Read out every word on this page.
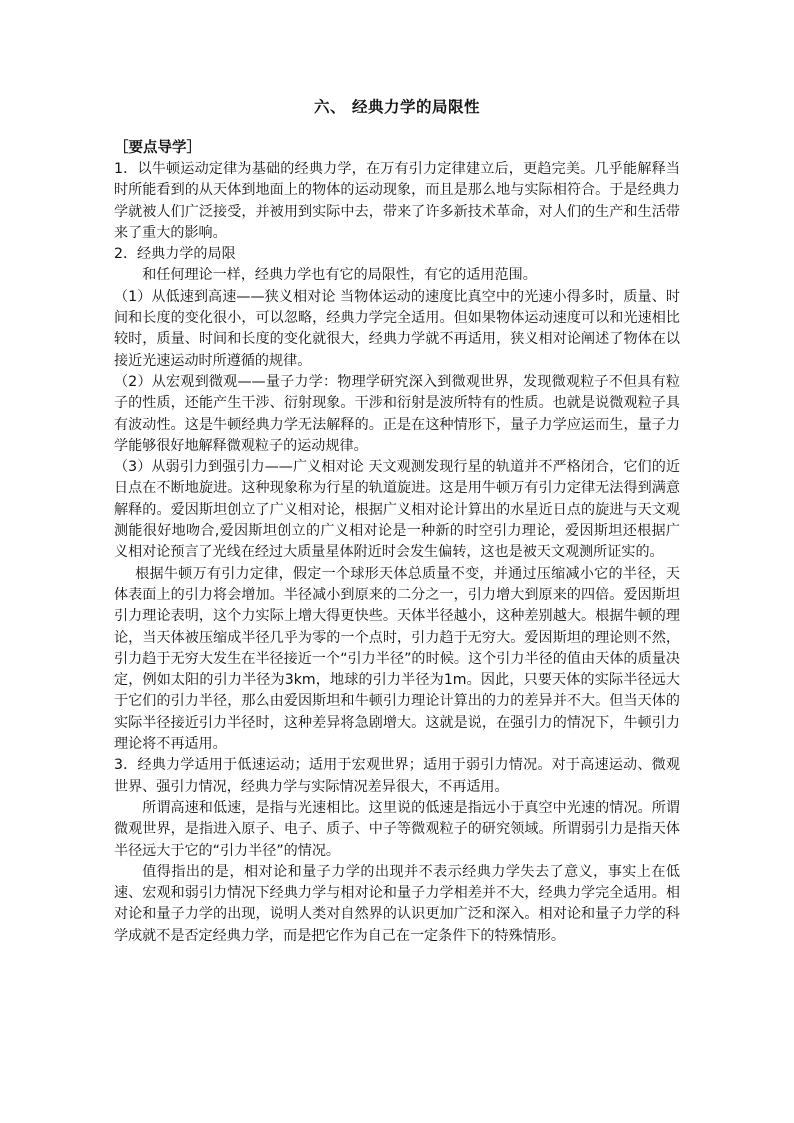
六、 经典力学的局限性
［要点导学］

1．以牛顿运动定律为基础的经典力学，在万有引力定律建立后，更趋完美。几乎能解释当时所能看到的从天体到地面上的物体的运动现象，而且是那么地与实际相符合。于是经典力学就被人们广泛接受，并被用到实际中去，带来了许多新技术革命，对人们的生产和生活带来了重大的影响。

2．经典力学的局限

和任何理论一样，经典力学也有它的局限性，有它的适用范围。

（1）从低速到高速——狭义相对论 当物体运动的速度比真空中的光速小得多时，质量、时间和长度的变化很小，可以忽略，经典力学完全适用。但如果物体运动速度可以和光速相比较时，质量、时间和长度的变化就很大，经典力学就不再适用，狭义相对论阐述了物体在以接近光速运动时所遵循的规律。

（2）从宏观到微观——量子力学：物理学研究深入到微观世界，发现微观粒子不但具有粒子的性质，还能产生干涉、衍射现象。干涉和衍射是波所特有的性质。也就是说微观粒子具有波动性。这是牛顿经典力学无法解释的。正是在这种情形下，量子力学应运而生，量子力学能够很好地解释微观粒子的运动规律。

（3）从弱引力到强引力——广义相对论 天文观测发现行星的轨道并不严格闭合，它们的近日点在不断地旋进。这种现象称为行星的轨道旋进。这是用牛顿万有引力定律无法得到满意解释的。爱因斯坦创立了广义相对论，根据广义相对论计算出的水星近日点的旋进与天文观测能很好地吻合,爱因斯坦创立的广义相对论是一种新的时空引力理论，爱因斯坦还根据广义相对论预言了光线在经过大质量星体附近时会发生偏转，这也是被天文观测所证实的。

根据牛顿万有引力定律，假定一个球形天体总质量不变，并通过压缩减小它的半径，天体表面上的引力将会增加。半径减小到原来的二分之一，引力增大到原来的四倍。爱因斯坦引力理论表明，这个力实际上增大得更快些。天体半径越小，这种差别越大。根据牛顿的理论，当天体被压缩成半径几乎为零的一个点时，引力趋于无穷大。爱因斯坦的理论则不然，引力趋于无穷大发生在半径接近一个“引力半径”的时候。这个引力半径的值由天体的质量决定，例如太阳的引力半径为3km，地球的引力半径为1m。因此，只要天体的实际半径远大于它们的引力半径，那么由爱因斯坦和牛顿引力理论计算出的力的差异并不大。但当天体的实际半径接近引力半径时，这种差异将急剧增大。这就是说，在强引力的情况下，牛顿引力理论将不再适用。

3．经典力学适用于低速运动；适用于宏观世界；适用于弱引力情况。对于高速运动、微观世界、强引力情况，经典力学与实际情况差异很大，不再适用。

所谓高速和低速，是指与光速相比。这里说的低速是指远小于真空中光速的情况。所谓微观世界，是指进入原子、电子、质子、中子等微观粒子的研究领域。所谓弱引力是指天体半径远大于它的“引力半径”的情况。

值得指出的是，相对论和量子力学的出现并不表示经典力学失去了意义，事实上在低速、宏观和弱引力情况下经典力学与相对论和量子力学相差并不大，经典力学完全适用。相对论和量子力学的出现，说明人类对自然界的认识更加广泛和深入。相对论和量子力学的科学成就不是否定经典力学，而是把它作为自己在一定条件下的特殊情形。
